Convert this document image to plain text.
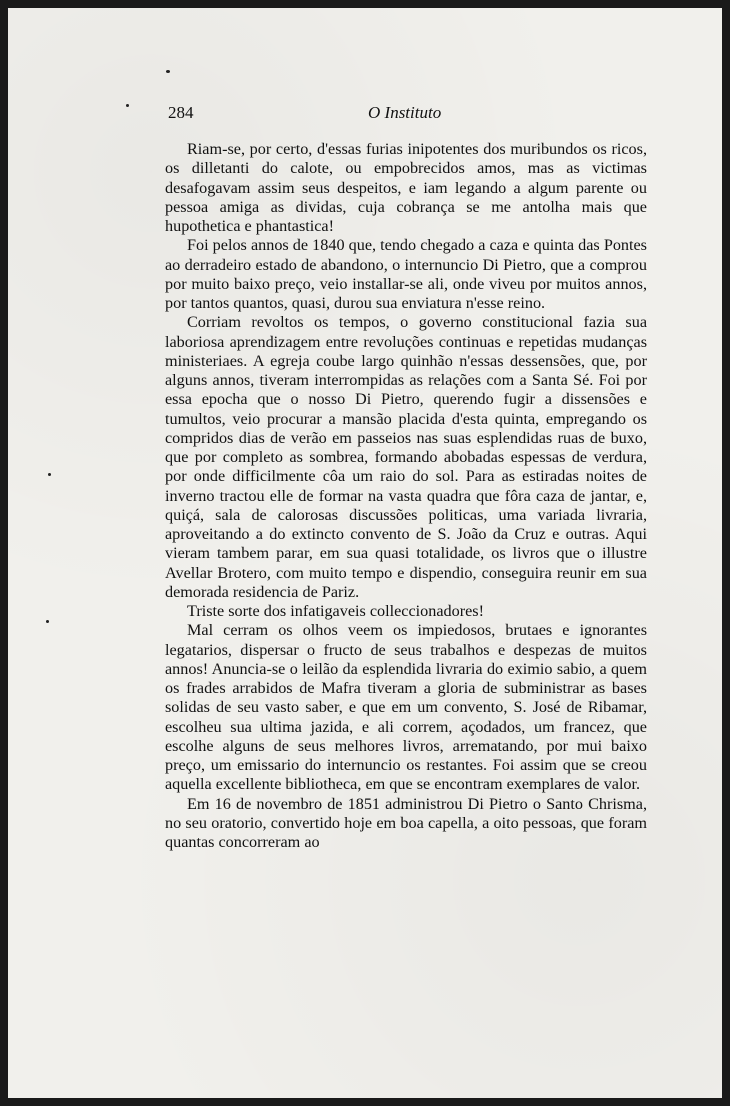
284	O Instituto

Riam-se, por certo, d'essas furias inipotentes dos muribundos os ricos, os dilletanti do calote, ou empobrecidos amos, mas as victimas desafogavam assim seus despeitos, e iam legando a algum parente ou pessoa amiga as dividas, cuja cobrança se me antolha mais que hupothetica e phantastica!

Foi pelos annos de 1840 que, tendo chegado a caza e quinta das Pontes ao derradeiro estado de abandono, o internuncio Di Pietro, que a comprou por muito baixo preço, veio installar-se ali, onde viveu por muitos annos, por tantos quantos, quasi, durou sua enviatura n'esse reino.

Corriam revoltos os tempos, o governo constitucional fazia sua laboriosa aprendizagem entre revoluções continuas e repetidas mudanças ministeriaes. A egreja coube largo quinhão n'essas dessensões, que, por alguns annos, tiveram interrompidas as relações com a Santa Sé. Foi por essa epocha que o nosso Di Pietro, querendo fugir a dissensões e tumultos, veio procurar a mansão placida d'esta quinta, empregando os compridos dias de verão em passeios nas suas esplendidas ruas de buxo, que por completo as sombrea, formando abobadas espessas de verdura, por onde difficilmente côa um raio do sol. Para as estiradas noites de inverno tractou elle de formar na vasta quadra que fôra caza de jantar, e, quiçá, sala de calorosas discussões politicas, uma variada livraria, aproveitando a do extincto convento de S. João da Cruz e outras. Aqui vieram tambem parar, em sua quasi totalidade, os livros que o illustre Avellar Brotero, com muito tempo e dispendio, conseguira reunir em sua demorada residencia de Pariz.

Triste sorte dos infatigaveis colleccionadores!

Mal cerram os olhos veem os impiedosos, brutaes e ignorantes legatarios, dispersar o fructo de seus trabalhos e despezas de muitos annos! Anuncia-se o leilão da esplendida livraria do eximio sabio, a quem os frades arrabidos de Mafra tiveram a gloria de subministrar as bases solidas de seu vasto saber, e que em um convento, S. José de Ribamar, escolheu sua ultima jazida, e ali correm, açodados, um francez, que escolhe alguns de seus melhores livros, arrematando, por mui baixo preço, um emissario do internuncio os restantes. Foi assim que se creou aquella excellente bibliotheca, em que se encontram exemplares de valor.

Em 16 de novembro de 1851 administrou Di Pietro o Santo Chrisma, no seu oratorio, convertido hoje em boa capella, a oito pessoas, que foram quantas concorreram ao
